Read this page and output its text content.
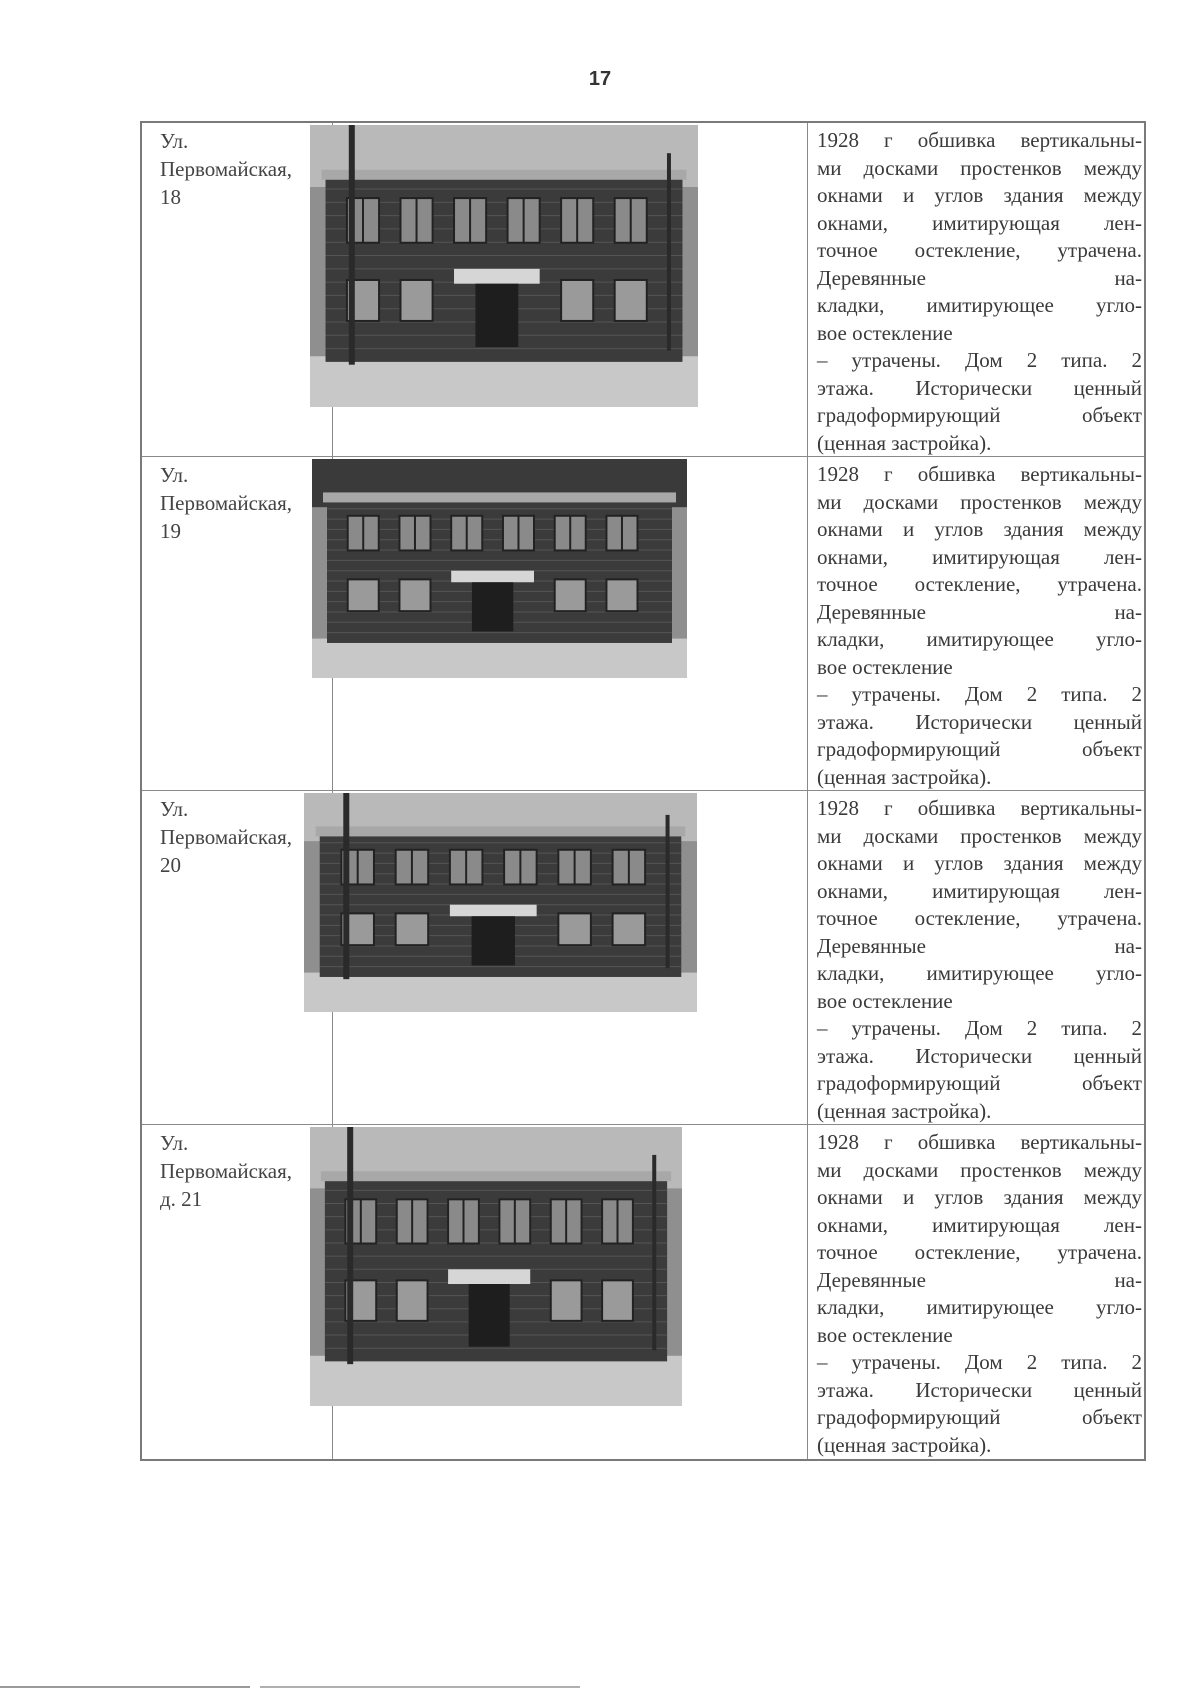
17
Ул.
Первомайская,
18
1928 г обшивка вертикальны-
ми досками простенков между
окнами и углов здания между
окнами, имитирующая лен-
точное остекление, утрачена.
Деревянные на-
кладки, имитирующее угло-
вое остекление
– утрачены. Дом 2 типа. 2
этажа. Исторически ценный
градоформирующий объект
(ценная застройка).
Ул.
Первомайская,
19
1928 г обшивка вертикальны-
ми досками простенков между
окнами и углов здания между
окнами, имитирующая лен-
точное остекление, утрачена.
Деревянные на-
кладки, имитирующее угло-
вое остекление
– утрачены. Дом 2 типа. 2
этажа. Исторически ценный
градоформирующий объект
(ценная застройка).
Ул.
Первомайская,
20
1928 г обшивка вертикальны-
ми досками простенков между
окнами и углов здания между
окнами, имитирующая лен-
точное остекление, утрачена.
Деревянные на-
кладки, имитирующее угло-
вое остекление
– утрачены. Дом 2 типа. 2
этажа. Исторически ценный
градоформирующий объект
(ценная застройка).
Ул.
Первомайская,
д. 21
1928 г обшивка вертикальны-
ми досками простенков между
окнами и углов здания между
окнами, имитирующая лен-
точное остекление, утрачена.
Деревянные на-
кладки, имитирующее угло-
вое остекление
– утрачены. Дом 2 типа. 2
этажа. Исторически ценный
градоформирующий объект
(ценная застройка).
